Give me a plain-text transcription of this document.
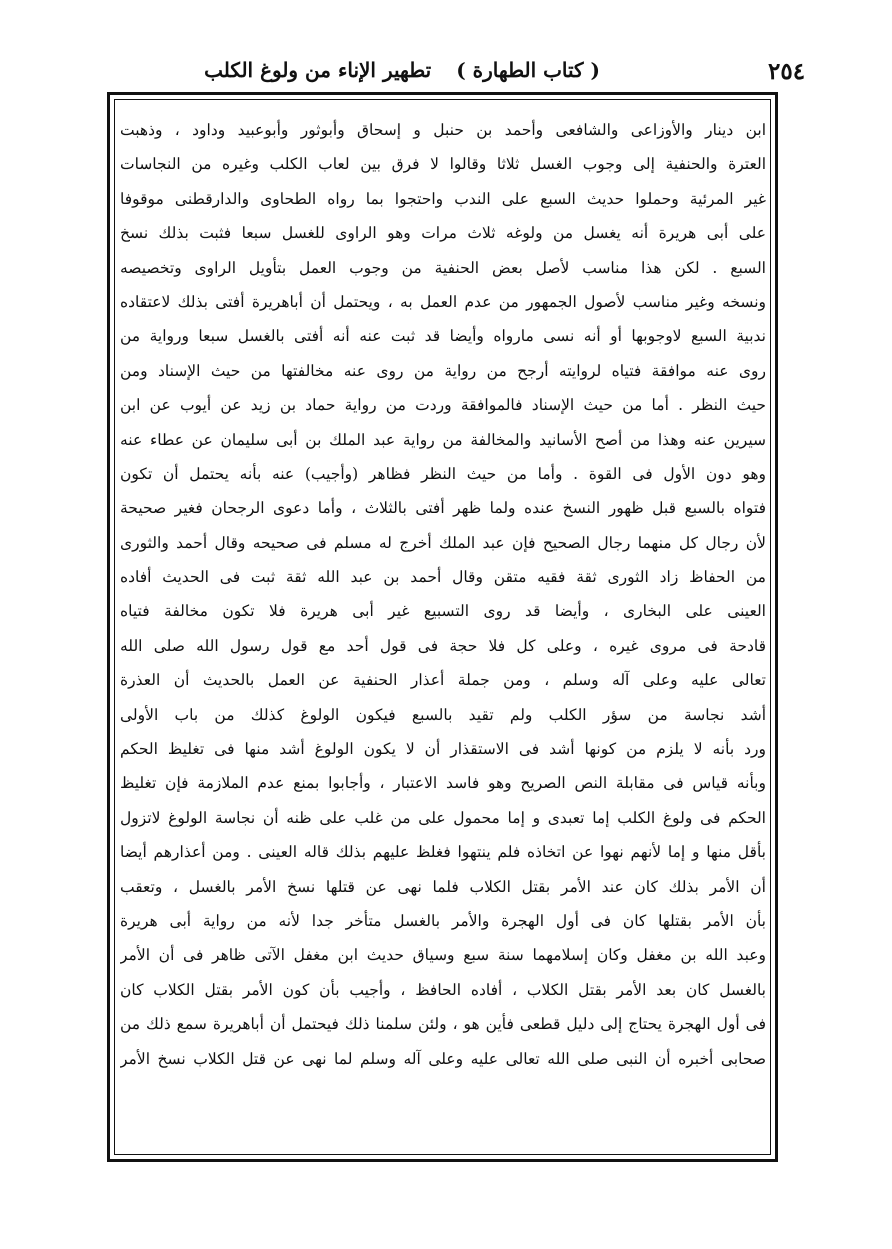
٢٥٤
( كتاب الطهارة ) تطهير الإناء من ولوغ الكلب
ابن دينار والأوزاعى والشافعى وأحمد بن حنبل و إسحاق وأبوثور وأبوعبيد وداود ، وذهبت
العترة والحنفية إلى وجوب الغسل ثلاثا وقالوا لا فرق بين لعاب الكلب وغيره من النجاسات
غير المرئية وحملوا حديث السبع على الندب واحتجوا بما رواه الطحاوى والدارقطنى موقوفا
على أبى هريرة أنه يغسل من ولوغه ثلاث مرات وهو الراوى للغسل سبعا فثبت بذلك نسخ
السبع . لكن هذا مناسب لأصل بعض الحنفية من وجوب العمل بتأويل الراوى وتخصيصه
ونسخه وغير مناسب لأصول الجمهور من عدم العمل به ، ويحتمل أن أباهريرة أفتى بذلك لاعتقاده
ندبية السبع لاوجوبها أو أنه نسى مارواه وأيضا قد ثبت عنه أنه أفتى بالغسل سبعا ورواية من
روى عنه موافقة فتياه لروايته أرجح من رواية من روى عنه مخالفتها من حيث الإسناد ومن
حيث النظر . أما من حيث الإسناد فالموافقة وردت من رواية حماد بن زيد عن أيوب عن ابن
سيرين عنه وهذا من أصح الأسانيد والمخالفة من رواية عبد الملك بن أبى سليمان عن عطاء عنه
وهو دون الأول فى القوة . وأما من حيث النظر فظاهر (وأجيب) عنه بأنه يحتمل أن تكون
فتواه بالسبع قبل ظهور النسخ عنده ولما ظهر أفتى بالثلاث ، وأما دعوى الرجحان فغير صحيحة
لأن رجال كل منهما رجال الصحيح فإن عبد الملك أخرج له مسلم فى صحيحه وقال أحمد والثورى
من الحفاظ زاد الثورى ثقة فقيه متقن وقال أحمد بن عبد الله ثقة ثبت فى الحديث أفاده
العينى على البخارى ، وأيضا قد روى التسبيع غير أبى هريرة فلا تكون مخالفة فتياه
قادحة فى مروى غيره ، وعلى كل فلا حجة فى قول أحد مع قول رسول الله صلى الله
تعالى عليه وعلى آله وسلم ، ومن جملة أعذار الحنفية عن العمل بالحديث أن العذرة
أشد نجاسة من سؤر الكلب ولم تقيد بالسبع فيكون الولوغ كذلك من باب الأولى
ورد بأنه لا يلزم من كونها أشد فى الاستقذار أن لا يكون الولوغ أشد منها فى تغليظ الحكم
وبأنه قياس فى مقابلة النص الصريح وهو فاسد الاعتبار ، وأجابوا بمنع عدم الملازمة فإن تغليظ
الحكم فى ولوغ الكلب إما تعبدى و إما محمول على من غلب على ظنه أن نجاسة الولوغ لاتزول
بأقل منها و إما لأنهم نهوا عن اتخاذه فلم ينتهوا فغلظ عليهم بذلك قاله العينى . ومن أعذارهم أيضا
أن الأمر بذلك كان عند الأمر بقتل الكلاب فلما نهى عن قتلها نسخ الأمر بالغسل ، وتعقب
بأن الأمر بقتلها كان فى أول الهجرة والأمر بالغسل متأخر جدا لأنه من رواية أبى هريرة
وعبد الله بن مغفل وكان إسلامهما سنة سبع وسياق حديث ابن مغفل الآتى ظاهر فى أن الأمر
بالغسل كان بعد الأمر بقتل الكلاب ، أفاده الحافظ ، وأجيب بأن كون الأمر بقتل الكلاب كان
فى أول الهجرة يحتاج إلى دليل قطعى فأين هو ، ولئن سلمنا ذلك فيحتمل أن أباهريرة سمع ذلك من
صحابى أخبره أن النبى صلى الله تعالى عليه وعلى آله وسلم لما نهى عن قتل الكلاب نسخ الأمر
